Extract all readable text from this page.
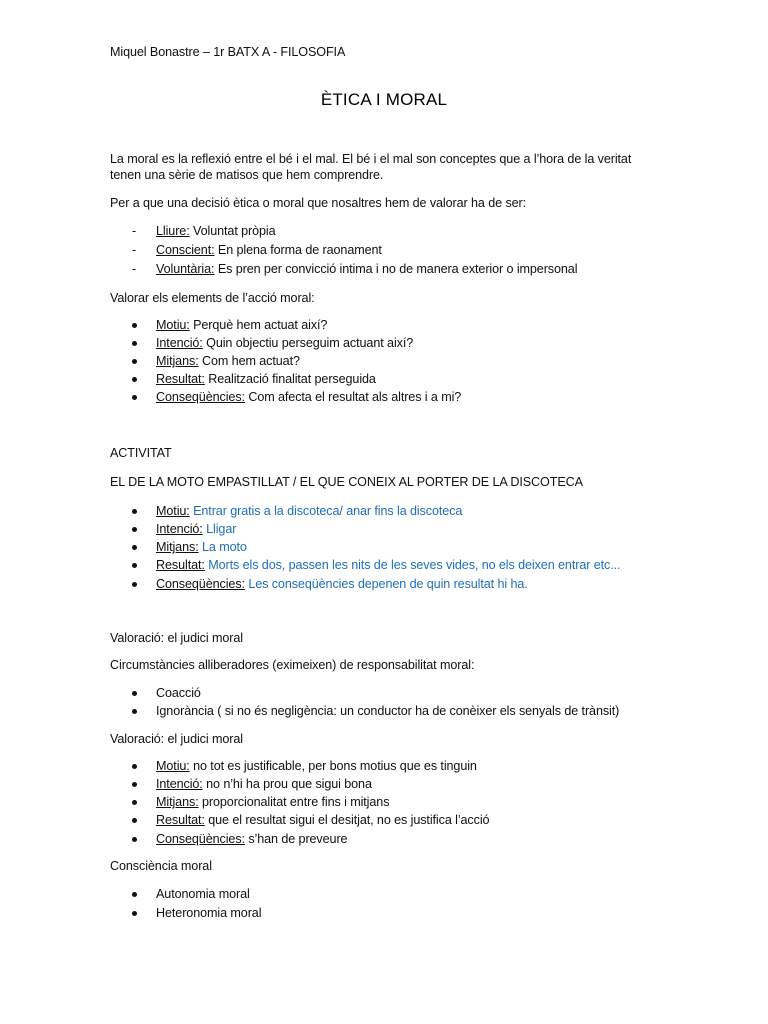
Miquel Bonastre – 1r BATX A - FILOSOFIA
ÈTICA I MORAL
La moral es la reflexió entre el bé i el mal. El bé i el mal son conceptes que a l’hora de la veritat
tenen una sèrie de matisos que hem comprendre.
Per a que una decisió ètica o moral que nosaltres hem de valorar ha de ser:
- Lliure: Voluntat pròpia
- Conscient: En plena forma de raonament
- Voluntària: Es pren per convicció intima i no de manera exterior o impersonal
Valorar els elements de l’acció moral:
Motiu: Perquè hem actuat així?
Intenció: Quin objectiu perseguim actuant així?
Mitjans: Com hem actuat?
Resultat: Realització finalitat perseguida
Conseqüències: Com afecta el resultat als altres i a mi?
ACTIVITAT
EL DE LA MOTO EMPASTILLAT / EL QUE CONEIX AL PORTER DE LA DISCOTECA
Motiu: Entrar gratis a la discoteca/ anar fins la discoteca
Intenció: Lligar
Mitjans: La moto
Resultat: Morts els dos, passen les nits de les seves vides, no els deixen entrar etc...
Conseqüències: Les conseqüències depenen de quin resultat hi ha.
Valoració: el judici moral
Circumstàncies alliberadores (eximeixen) de responsabilitat moral:
Coacció
Ignorància ( si no és negligència: un conductor ha de conèixer els senyals de trànsit)
Valoració: el judici moral
Motiu: no tot es justificable, per bons motius que es tinguin
Intenció: no n’hi ha prou que sigui bona
Mitjans: proporcionalitat entre fins i mitjans
Resultat: que el resultat sigui el desitjat, no es justifica l’acció
Conseqüències: s’han de preveure
Consciència moral
Autonomia moral
Heteronomia moral
